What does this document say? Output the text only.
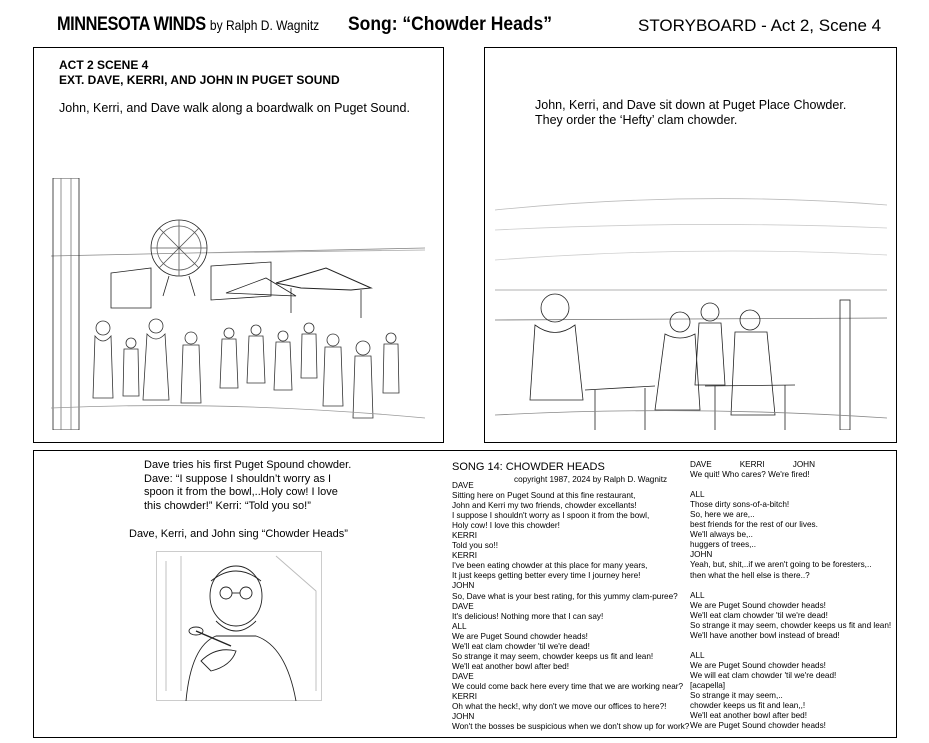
MINNESOTA WINDS by Ralph D. Wagnitz Song: “Chowder Heads”	STORYBOARD - Act 2, Scene 4
ACT 2 SCENE 4
EXT. DAVE, KERRI, AND JOHN IN PUGET SOUND
John, Kerri, and Dave walk along a boardwalk on Puget Sound.	John, Kerri, and Dave sit down at Puget Place Chowder.
They order the ‘Hefty’ clam chowder.
Dave tries his first Puget Spound chowder.
Dave: “I suppose I shouldn’t worry as I
spoon it from the bowl,..Holy cow! I love
this chowder!” Kerri: “Told you so!”
Dave, Kerri, and John sing “Chowder Heads”
SONG 14: CHOWDER HEADS
copyright 1987, 2024 by Ralph D. Wagnitz
DAVE
Sitting here on Puget Sound at this fine restaurant,
John and Kerri my two friends, chowder excellants!
I suppose I shouldn't worry as I spoon it from the bowl,
Holy cow! I love this chowder!
KERRI
Told you so!!
KERRI
I've been eating chowder at this place for many years,
It just keeps getting better every time I journey here!
JOHN
So, Dave what is your best rating, for this yummy clam-puree?
DAVE
It's delicious! Nothing more that I can say!
ALL
We are Puget Sound chowder heads!
We'll eat clam chowder 'til we're dead!
So strange it may seem, chowder keeps us fit and lean!
We'll eat another bowl after bed!
DAVE
We could come back here every time that we are working near?
KERRI
Oh what the heck!, why don't we move our offices to here?!
JOHN
Won't the bosses be suspicious when we don't show up for work?
DAVE	KERRI	JOHN
We quit! Who cares? We're fired!

ALL
Those dirty sons-of-a-bitch!
So, here we are,..
best friends for the rest of our lives.
We'll always be,..
huggers of trees,..
JOHN
Yeah, but, shit,..if we aren't going to be foresters,..
then what the hell else is there..?

ALL
We are Puget Sound chowder heads!
We'll eat clam chowder 'til we're dead!
So strange it may seem, chowder keeps us fit and lean!
We'll have another bowl instead of bread!

ALL
We are Puget Sound chowder heads!
We will eat clam chowder 'til we're dead!
[acapella]
So strange it may seem,..
chowder keeps us fit and lean,,!
We'll eat another bowl after bed!
We are Puget Sound chowder heads!
